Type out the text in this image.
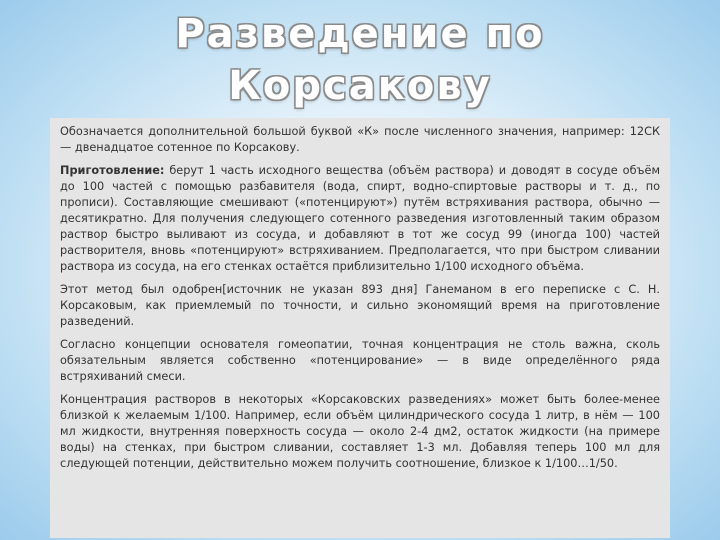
Разведение по
Корсакову

Обозначается дополнительной большой буквой «К» после численного значения, например: 12СК — двенадцатое сотенное по Корсакову.

Приготовление: берут 1 часть исходного вещества (объём раствора) и доводят в сосуде объём до 100 частей с помощью разбавителя (вода, спирт, водно-спиртовые растворы и т. д., по прописи). Составляющие смешивают («потенцируют») путём встряхивания раствора, обычно — десятикратно. Для получения следующего сотенного разведения изготовленный таким образом раствор быстро выливают из сосуда, и добавляют в тот же сосуд 99 (иногда 100) частей растворителя, вновь «потенцируют» встряхиванием. Предполагается, что при быстром сливании раствора из сосуда, на его стенках остаётся приблизительно 1/100 исходного объёма.

Этот метод был одобрен[источник не указан 893 дня] Ганеманом в его переписке с С. Н. Корсаковым, как приемлемый по точности, и сильно экономящий время на приготовление разведений.

Согласно концепции основателя гомеопатии, точная концентрация не столь важна, сколь обязательным является собственно «потенцирование» — в виде определённого ряда встряхиваний смеси.

Концентрация растворов в некоторых «Корсаковских разведениях» может быть более-менее близкой к желаемым 1/100. Например, если объём цилиндрического сосуда 1 литр, в нём — 100 мл жидкости, внутренняя поверхность сосуда — около 2-4 дм2, остаток жидкости (на примере воды) на стенках, при быстром сливании, составляет 1-3 мл. Добавляя теперь 100 мл для следующей потенции, действительно можем получить соотношение, близкое к 1/100…1/50.
